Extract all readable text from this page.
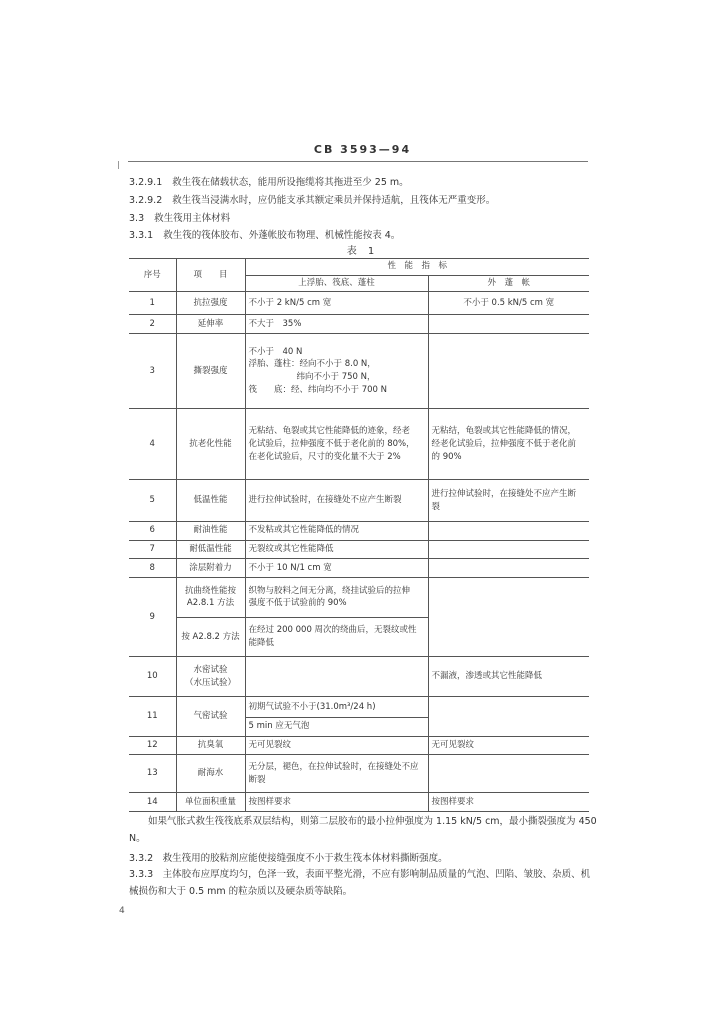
CB 3593—94
3.2.9.1 救生筏在储载状态，能用所设拖缆将其拖进至少 25 m。
3.2.9.2 救生筏当浸满水时，应仍能支承其额定乘员并保持适航，且筏体无严重变形。
3.3 救生筏用主体材料
3.3.1 救生筏的筏体胶布、外蓬帐胶布物理、机械性能按表 4。
表 1
序号	项　　目	性　能　指　标	
		上浮胎、筏底、蓬柱	外　蓬　帐
1	抗拉强度	不小于 2 kN/5 cm 宽	不小于 0.5 kN/5 cm 宽
2	延伸率	不大于　35%	
3	撕裂强度	不小于　40 N
浮胎、蓬柱：经向不小于 8.0 N，
纬向不小于 750 N，
筏　　底：经、纬向均不小于 700 N	

4	抗老化性能	无粘结、龟裂或其它性能降低的迹象，经老
化试验后，拉伸强度不低于老化前的 80%，
在老化试验后，尺寸的变化量不大于 2%	无粘结，龟裂或其它性能降低的情况，
经老化试验后，拉伸强度不低于老化前
的 90%

5	低温性能	进行拉伸试验时，在接缝处不应产生断裂	进行拉伸试验时，在接缝处不应产生断
裂

6	耐油性能	不发粘或其它性能降低的情况	
7	耐低温性能	无裂纹或其它性能降低	
8	涂层附着力	不小于 10 N/1 cm 宽	
9	抗曲绕性能按
A2.8.1 方法	织物与胶料之间无分离，绕挂试验后的拉伸
强度不低于试验前的 90%	

	按 A2.8.2 方法	在经过 200 000 周次的绕曲后，无裂纹或性
能降低	

10	水密试验
（水压试验）		不漏液，渗透或其它性能降低
11	气密试验	初期气试验不小于(31.0m³/24 h)	
		5 min 应无气泡	
12	抗臭氧	无可见裂纹	无可见裂纹
13	耐海水	无分层，褪色，在拉伸试验时，在接缝处不应
断裂	

14	单位面积重量	按图样要求	按图样要求
如果气胀式救生筏筏底系双层结构，则第二层胶布的最小拉伸强度为 1.15 kN/5 cm，最小撕裂强度为 450 N。
3.3.2　救生筏用的胶粘剂应能使接缝强度不小于救生筏本体材料撕断强度。
3.3.3　主体胶布应厚度均匀，色泽一致，表面平整光滑，不应有影响制品质量的气泡、凹陷、皱胶、杂质、机械损伤和大于 0.5 mm 的粒杂质以及硬杂质等缺陷。
4
